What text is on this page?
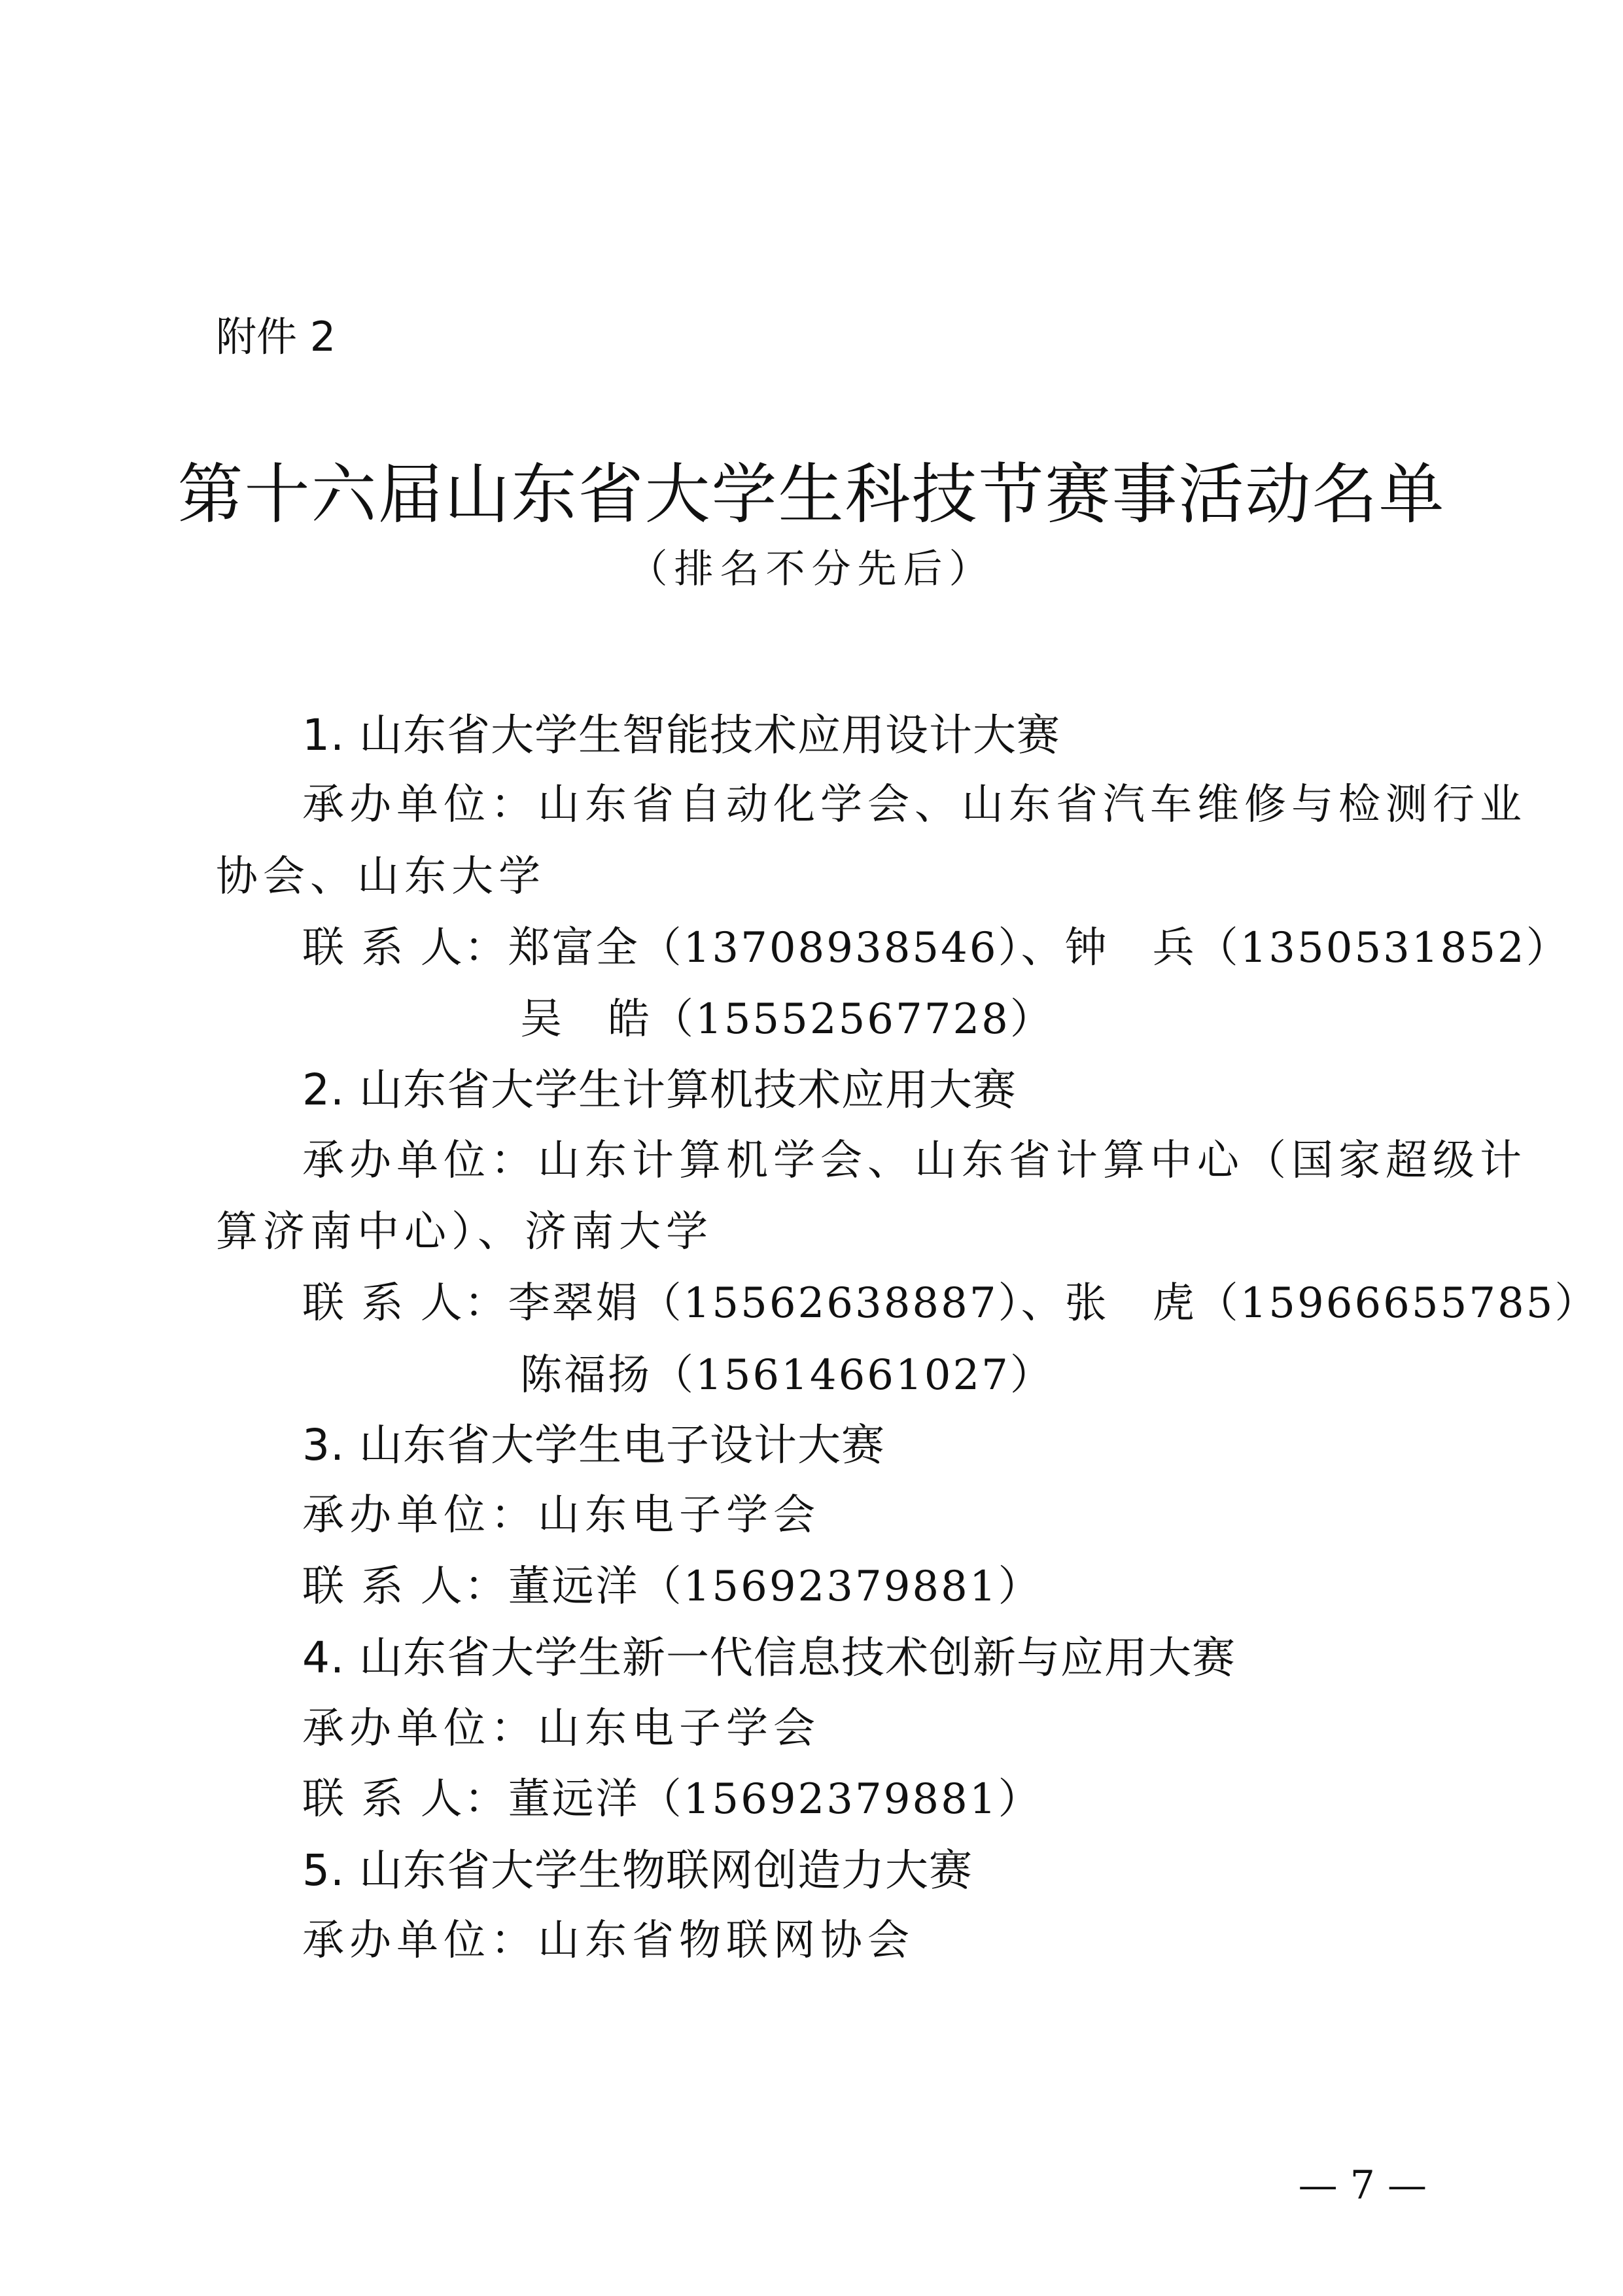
附件 2
第十六届山东省大学生科技节赛事活动名单
（排名不分先后）
1. 山东省大学生智能技术应用设计大赛
承办单位：山东省自动化学会、山东省汽车维修与检测行业
协会、山东大学
联 系 人：郑富全（13708938546）、钟　兵（1350531852）
吴　皓（15552567728）
2. 山东省大学生计算机技术应用大赛
承办单位：山东计算机学会、山东省计算中心（国家超级计
算济南中心）、济南大学
联 系 人：李翠娟（15562638887）、张　虎（15966655785）
陈福扬（15614661027）
3. 山东省大学生电子设计大赛
承办单位：山东电子学会
联 系 人：董远洋（15692379881）
4. 山东省大学生新一代信息技术创新与应用大赛
承办单位：山东电子学会
联 系 人：董远洋（15692379881）
5. 山东省大学生物联网创造力大赛
承办单位：山东省物联网协会
— 7 —
